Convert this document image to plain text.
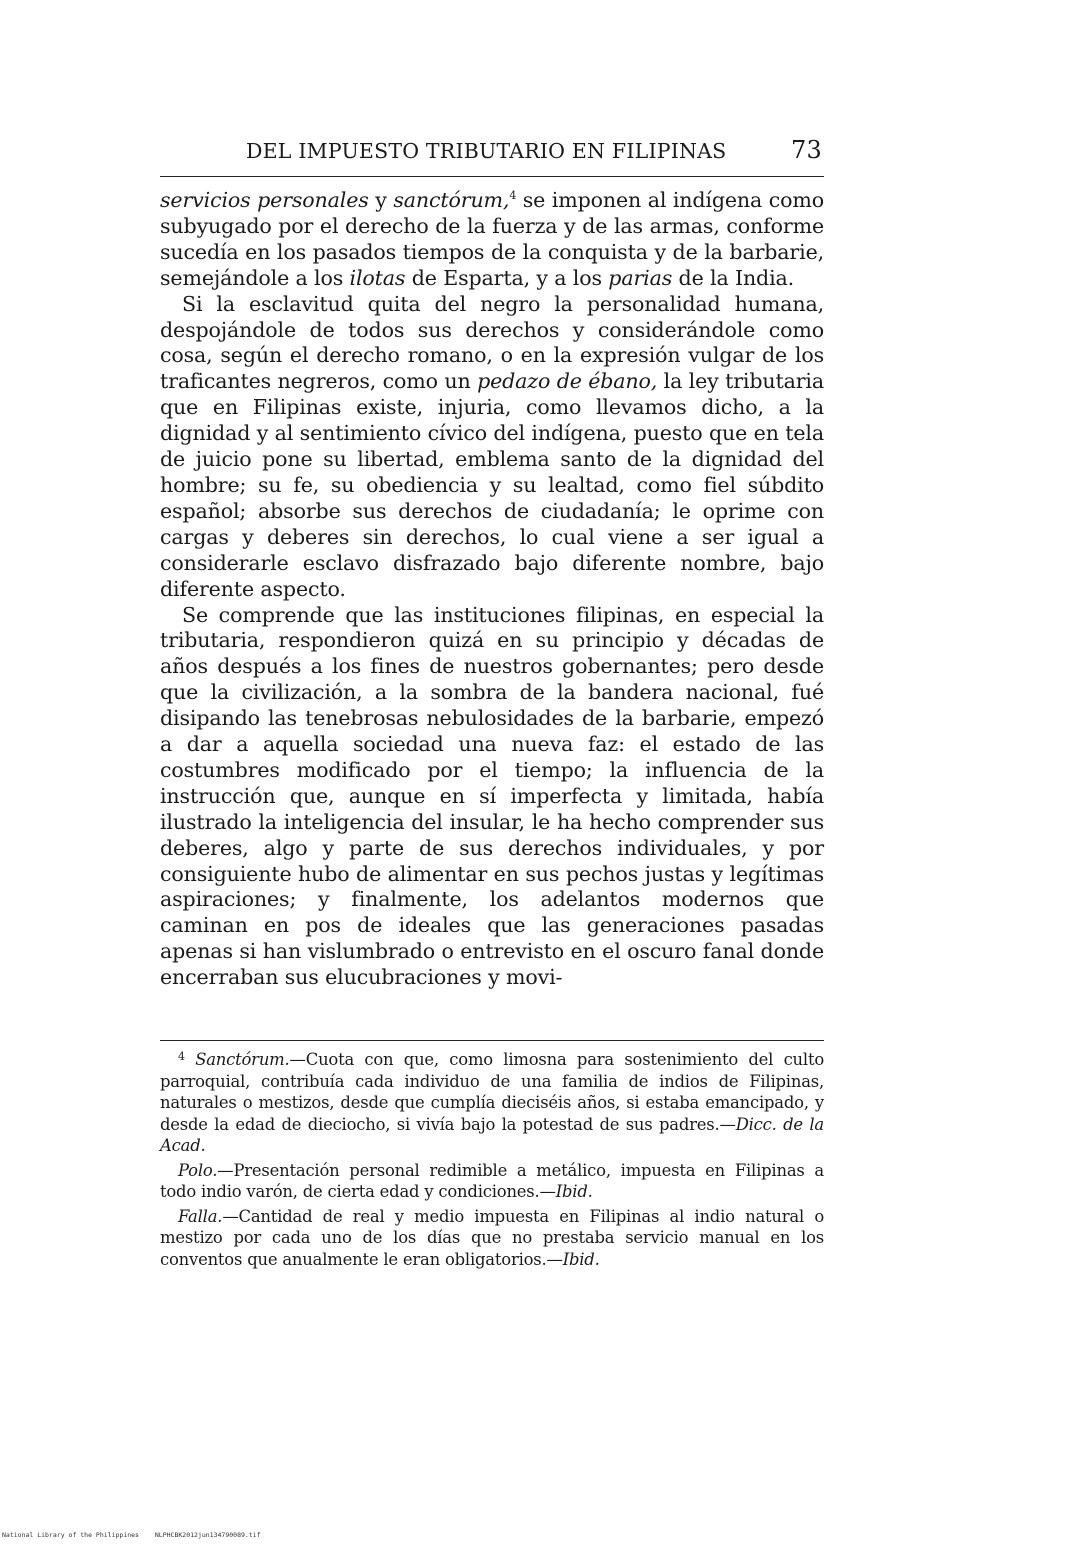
DEL IMPUESTO TRIBUTARIO EN FILIPINAS	73

servicios personales y sanctórum,$^4$ se imponen al indígena como subyugado por el derecho de la fuerza y de las armas, conforme sucedía en los pasados tiempos de la conquista y de la barbarie, semejándole a los ilotas de Esparta, y a los parias de la India.

Si la esclavitud quita del negro la personalidad humana, despojándole de todos sus derechos y considerándole como cosa, según el derecho romano, o en la expresión vulgar de los traficantes negreros, como un pedazo de ébano, la ley tributaria que en Filipinas existe, injuria, como llevamos dicho, a la dignidad y al sentimiento cívico del indígena, puesto que en tela de juicio pone su libertad, emblema santo de la dignidad del hombre; su fe, su obediencia y su lealtad, como fiel súbdito español; absorbe sus derechos de ciudadanía; le oprime con cargas y deberes sin derechos, lo cual viene a ser igual a considerarle esclavo disfrazado bajo diferente nombre, bajo diferente aspecto.

Se comprende que las instituciones filipinas, en especial la tributaria, respondieron quizá en su principio y décadas de años después a los fines de nuestros gobernantes; pero desde que la civilización, a la sombra de la bandera nacional, fué disipando las tenebrosas nebulosidades de la barbarie, empezó a dar a aquella sociedad una nueva faz: el estado de las costumbres modificado por el tiempo; la influencia de la instrucción que, aunque en sí imperfecta y limitada, había ilustrado la inteligencia del insular, le ha hecho comprender sus deberes, algo y parte de sus derechos individuales, y por consiguiente hubo de alimentar en sus pechos justas y legítimas aspiraciones; y finalmente, los adelantos modernos que caminan en pos de ideales que las generaciones pasadas apenas si han vislumbrado o entrevisto en el oscuro fanal donde encerraban sus elucubraciones y movi-

$^4$ Sanctórum.—Cuota con que, como limosna para sostenimiento del culto parroquial, contribuía cada individuo de una familia de indios de Filipinas, naturales o mestizos, desde que cumplía dieciséis años, si estaba emancipado, y desde la edad de dieciocho, si vivía bajo la potestad de sus padres.—Dicc. de la Acad.

Polo.—Presentación personal redimible a metálico, impuesta en Filipinas a todo indio varón, de cierta edad y condiciones.—Ibid.

Falla.—Cantidad de real y medio impuesta en Filipinas al indio natural o mestizo por cada uno de los días que no prestaba servicio manual en los conventos que anualmente le eran obligatorios.—Ibid.

National Library of the Philippines NLPHCBK2012jun134790089.tif
